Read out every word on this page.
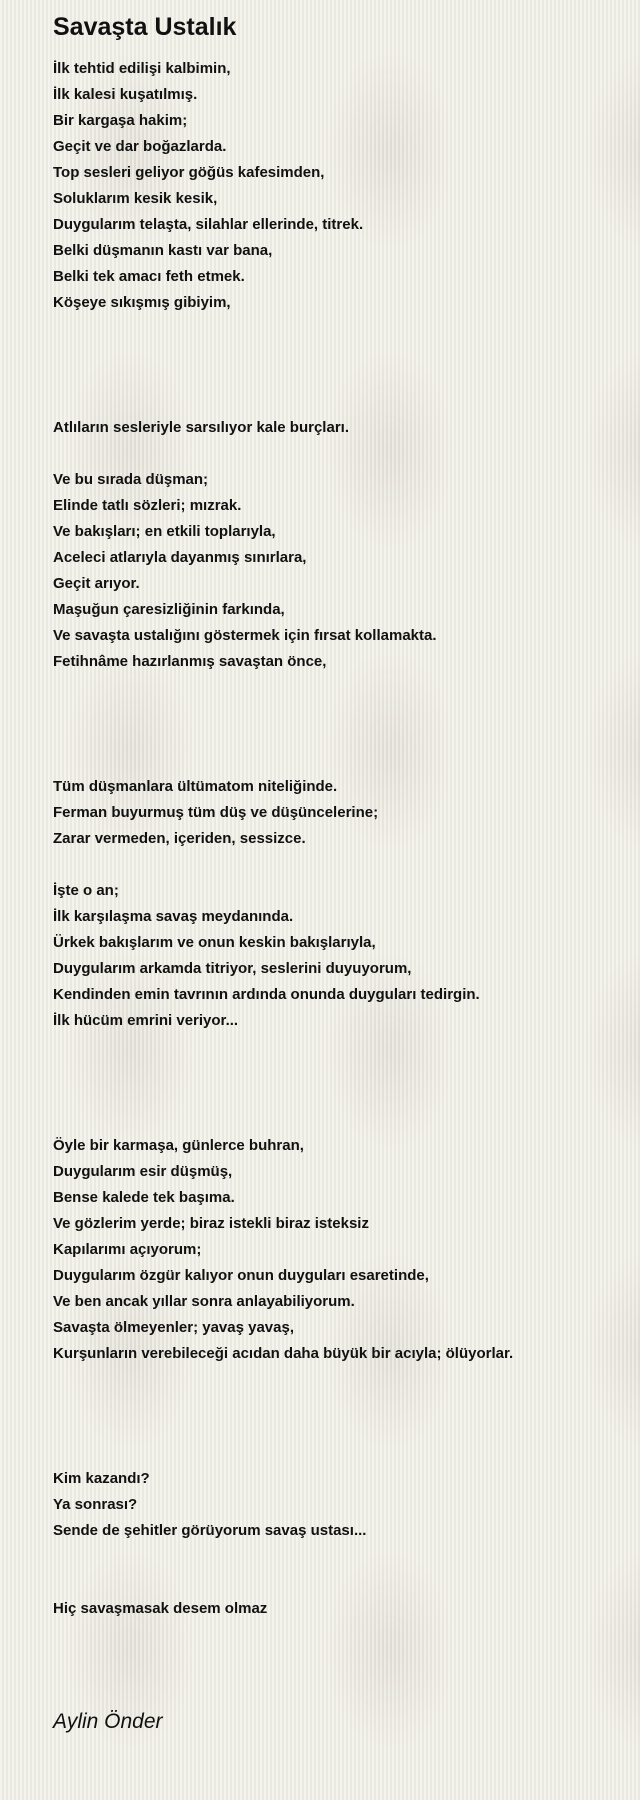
Savaşta Ustalık
İlk tehtid edilişi kalbimin,
İlk kalesi kuşatılmış.
Bir kargaşa hakim;
Geçit ve dar boğazlarda.
Top sesleri geliyor göğüs kafesimden,
Soluklarım kesik kesik,
Duygularım telaşta, silahlar ellerinde, titrek.
Belki düşmanın kastı var bana,
Belki tek amacı feth etmek.
Köşeye sıkışmış gibiyim,
Atlıların sesleriyle sarsılıyor kale burçları.
Ve bu sırada düşman;
Elinde tatlı sözleri; mızrak.
Ve bakışları; en etkili toplarıyla,
Aceleci atlarıyla dayanmış sınırlara,
Geçit arıyor.
Maşuğun çaresizliğinin farkında,
Ve savaşta ustalığını göstermek için fırsat kollamakta.
Fetihnâme hazırlanmış savaştan önce,
Tüm düşmanlara ültümatom niteliğinde.
Ferman buyurmuş tüm düş ve düşüncelerine;
Zarar vermeden, içeriden, sessizce.
İşte o an;
İlk karşılaşma savaş meydanında.
Ürkek bakışlarım ve onun keskin bakışlarıyla,
Duygularım arkamda titriyor, seslerini duyuyorum,
Kendinden emin tavrının ardında onunda duyguları tedirgin.
İlk hücüm emrini veriyor...
Öyle bir karmaşa, günlerce buhran,
Duygularım esir düşmüş,
Bense kalede tek başıma.
Ve gözlerim yerde; biraz istekli biraz isteksiz
Kapılarımı açıyorum;
Duygularım özgür kalıyor onun duyguları esaretinde,
Ve ben ancak yıllar sonra anlayabiliyorum.
Savaşta ölmeyenler; yavaş yavaş,
Kurşunların verebileceği acıdan daha büyük bir acıyla; ölüyorlar.
Kim kazandı?
Ya sonrası?
Sende de şehitler görüyorum savaş ustası...
Hiç savaşmasak desem olmaz
Aylin Önder
